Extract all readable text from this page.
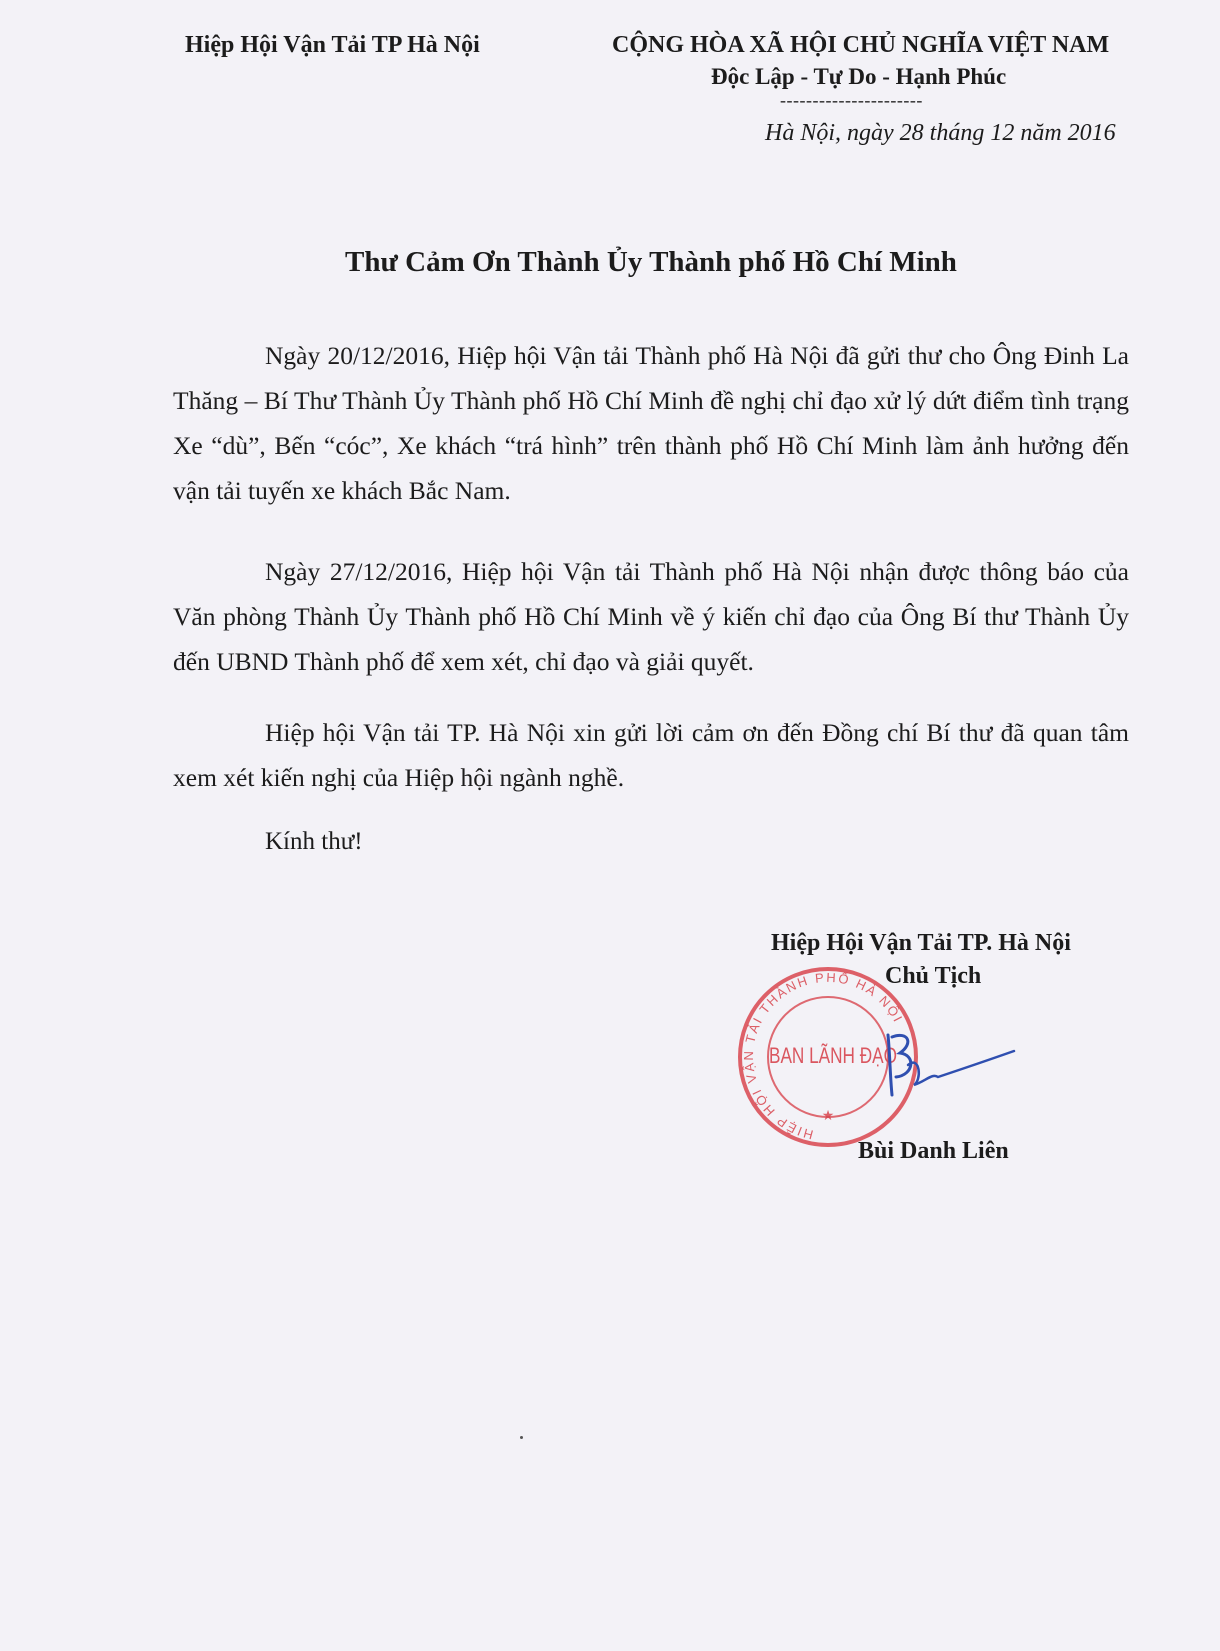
Hiệp Hội Vận Tải TP Hà Nội	CỘNG HÒA XÃ HỘI CHỦ NGHĨA VIỆT NAM
Độc Lập - Tự Do - Hạnh Phúc
----------------------
Hà Nội, ngày 28 tháng 12 năm 2016
Thư Cảm Ơn Thành Ủy Thành phố Hồ Chí Minh

Ngày 20/12/2016, Hiệp hội Vận tải Thành phố Hà Nội đã gửi thư cho Ông Đinh La Thăng – Bí Thư Thành Ủy Thành phố Hồ Chí Minh đề nghị chỉ đạo xử lý dứt điểm tình trạng Xe “dù”, Bến “cóc”, Xe khách “trá hình” trên thành phố Hồ Chí Minh làm ảnh hưởng đến vận tải tuyến xe khách Bắc Nam.

Ngày 27/12/2016, Hiệp hội Vận tải Thành phố Hà Nội nhận được thông báo của Văn phòng Thành Ủy Thành phố Hồ Chí Minh về ý kiến chỉ đạo của Ông Bí thư Thành Ủy đến UBND Thành phố để xem xét, chỉ đạo và giải quyết.

Hiệp hội Vận tải TP. Hà Nội xin gửi lời cảm ơn đến Đồng chí Bí thư đã quan tâm xem xét kiến nghị của Hiệp hội ngành nghề.

Kính thư!
Hiệp Hội Vận Tải TP. Hà Nội
Chủ Tịch
HIỆP HỘI VẬN TẢI THÀNH PHỐ HÀ NỘI
BAN LÃNH ĐẠO
★
Bùi Danh Liên
